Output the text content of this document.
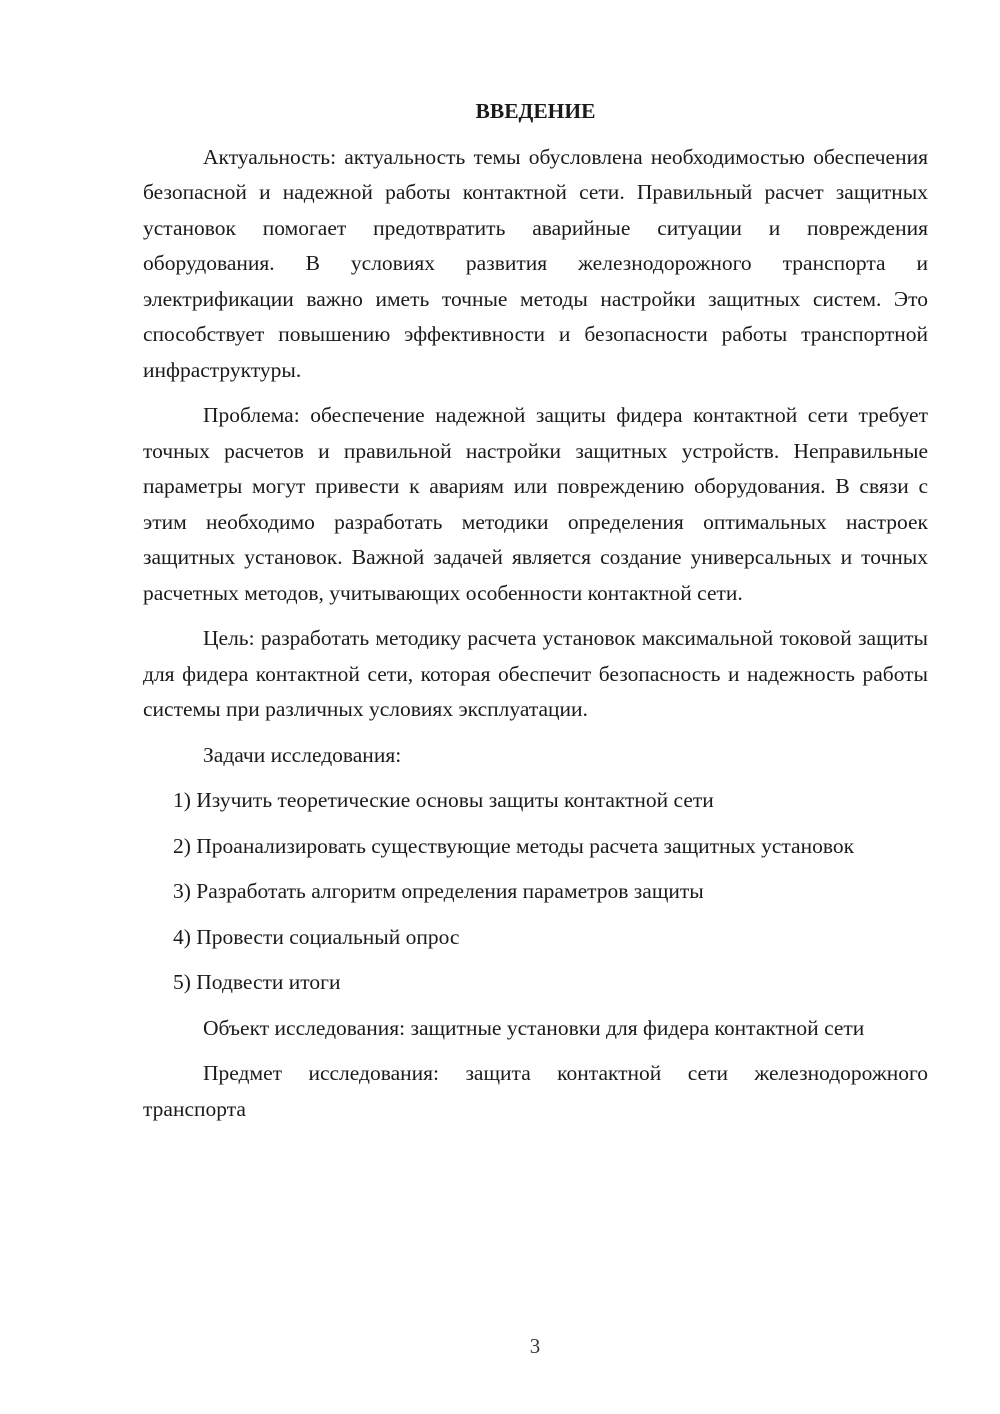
ВВЕДЕНИЕ

Актуальность: актуальность темы обусловлена необходимостью обеспечения безопасной и надежной работы контактной сети. Правильный расчет защитных установок помогает предотвратить аварийные ситуации и повреждения оборудования. В условиях развития железнодорожного транспорта и электрификации важно иметь точные методы настройки защитных систем. Это способствует повышению эффективности и безопасности работы транспортной инфраструктуры.

Проблема: обеспечение надежной защиты фидера контактной сети требует точных расчетов и правильной настройки защитных устройств. Неправильные параметры могут привести к авариям или повреждению оборудования. В связи с этим необходимо разработать методики определения оптимальных настроек защитных установок. Важной задачей является создание универсальных и точных расчетных методов, учитывающих особенности контактной сети.

Цель: разработать методику расчета установок максимальной токовой защиты для фидера контактной сети, которая обеспечит безопасность и надежность работы системы при различных условиях эксплуатации.

Задачи исследования:

1) Изучить теоретические основы защиты контактной сети

2) Проанализировать существующие методы расчета защитных установок

3) Разработать алгоритм определения параметров защиты

4) Провести социальный опрос

5) Подвести итоги

Объект исследования: защитные установки для фидера контактной сети

Предмет исследования: защита контактной сети железнодорожного транспорта

3
